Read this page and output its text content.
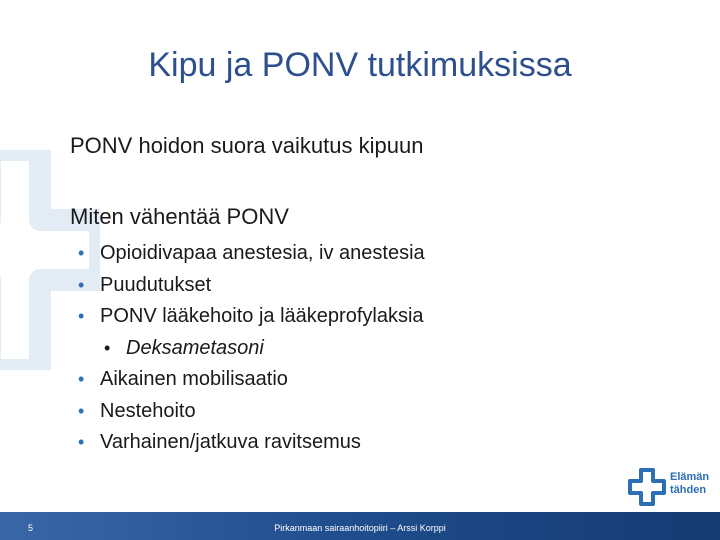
Kipu ja PONV tutkimuksissa
PONV hoidon suora vaikutus kipuun
Miten vähentää PONV
• Opioidivapaa anestesia, iv anestesia
• Puudutukset
• PONV lääkehoito ja lääkeprofylaksia
• Deksametasoni
• Aikainen mobilisaatio
• Nestehoito
• Varhainen/jatkuva ravitsemus
Elämän
tähden
5	Pirkanmaan sairaanhoitopiiri – Arssi Korppi
